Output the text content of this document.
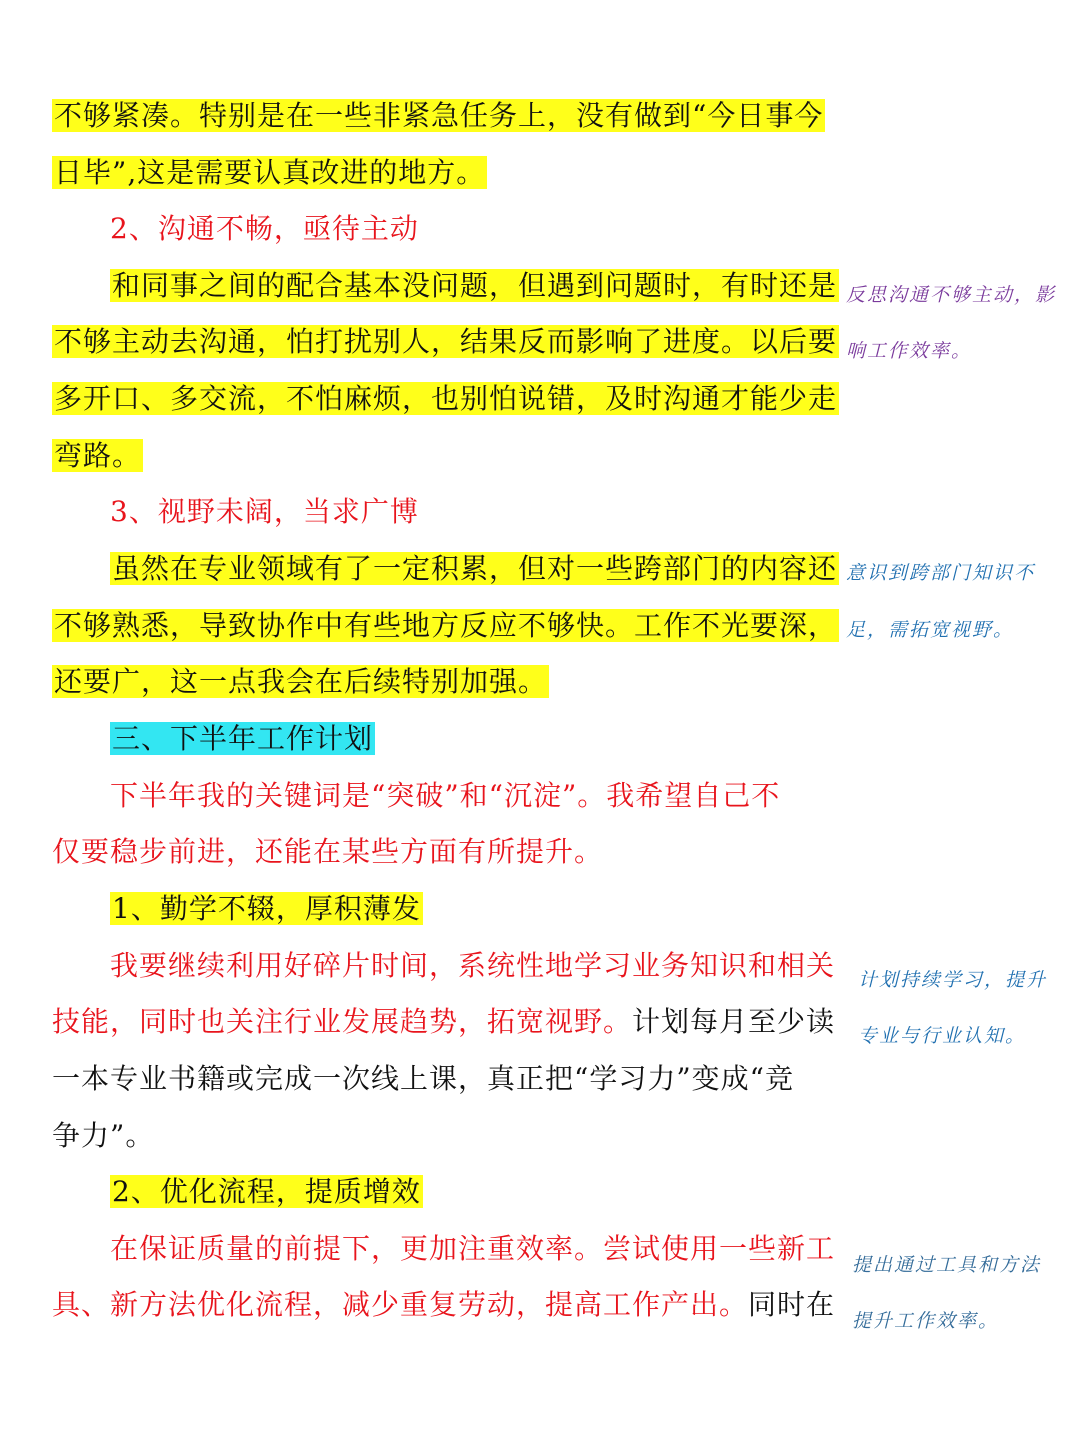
不够紧凑。特别是在一些非紧急任务上，没有做到“今日事今
日毕”,这是需要认真改进的地方。
2、沟通不畅，亟待主动
和同事之间的配合基本没问题，但遇到问题时，有时还是
不够主动去沟通，怕打扰别人，结果反而影响了进度。以后要
多开口、多交流，不怕麻烦，也别怕说错，及时沟通才能少走
弯路。
3、视野未阔，当求广博
虽然在专业领域有了一定积累，但对一些跨部门的内容还
不够熟悉，导致协作中有些地方反应不够快。工作不光要深，
还要广，这一点我会在后续特别加强。
三、下半年工作计划
下半年我的关键词是“突破”和“沉淀”。我希望自己不
仅要稳步前进，还能在某些方面有所提升。
1、勤学不辍，厚积薄发
我要继续利用好碎片时间，系统性地学习业务知识和相关
技能，同时也关注行业发展趋势，拓宽视野。计划每月至少读
一本专业书籍或完成一次线上课，真正把“学习力”变成“竞
争力”。
2、优化流程，提质增效
在保证质量的前提下，更加注重效率。尝试使用一些新工
具、新方法优化流程，减少重复劳动，提高工作产出。同时在
反思沟通不够主动，影
响工作效率。
意识到跨部门知识不
足，需拓宽视野。
计划持续学习，提升
专业与行业认知。
提出通过工具和方法
提升工作效率。
